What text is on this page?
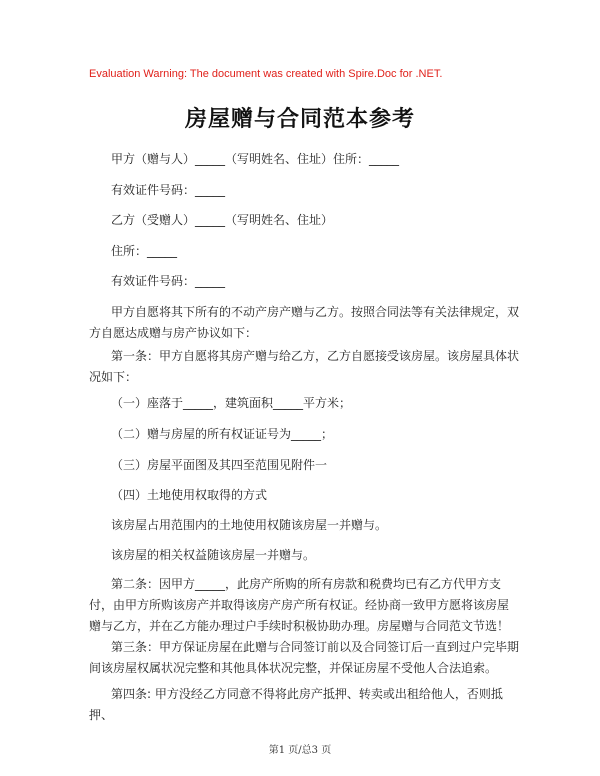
Evaluation Warning: The document was created with Spire.Doc for .NET.
房屋赠与合同范本参考
甲方（赠与人）_____（写明姓名、住址）住所：_____
有效证件号码：_____
乙方（受赠人）_____（写明姓名、住址）
住所：_____
有效证件号码：_____
甲方自愿将其下所有的不动产房产赠与乙方。按照合同法等有关法律规定，双方自愿达成赠与房产协议如下：
第一条：甲方自愿将其房产赠与给乙方，乙方自愿接受该房屋。该房屋具体状况如下：
（一）座落于_____，建筑面积_____平方米；
（二）赠与房屋的所有权证证号为_____；
（三）房屋平面图及其四至范围见附件一
（四）土地使用权取得的方式
该房屋占用范围内的土地使用权随该房屋一并赠与。
该房屋的相关权益随该房屋一并赠与。
第二条：因甲方_____，此房产所购的所有房款和税费均已有乙方代甲方支付，由甲方所购该房产并取得该房产房产所有权证。经协商一致甲方愿将该房屋赠与乙方，并在乙方能办理过户手续时积极协助办理。房屋赠与合同范文节选！
第三条：甲方保证房屋在此赠与合同签订前以及合同签订后一直到过户完毕期间该房屋权属状况完整和其他具体状况完整，并保证房屋不受他人合法追索。
第四条: 甲方没经乙方同意不得将此房产抵押、转卖或出租给他人，否则抵押、
第1 页/总3 页
